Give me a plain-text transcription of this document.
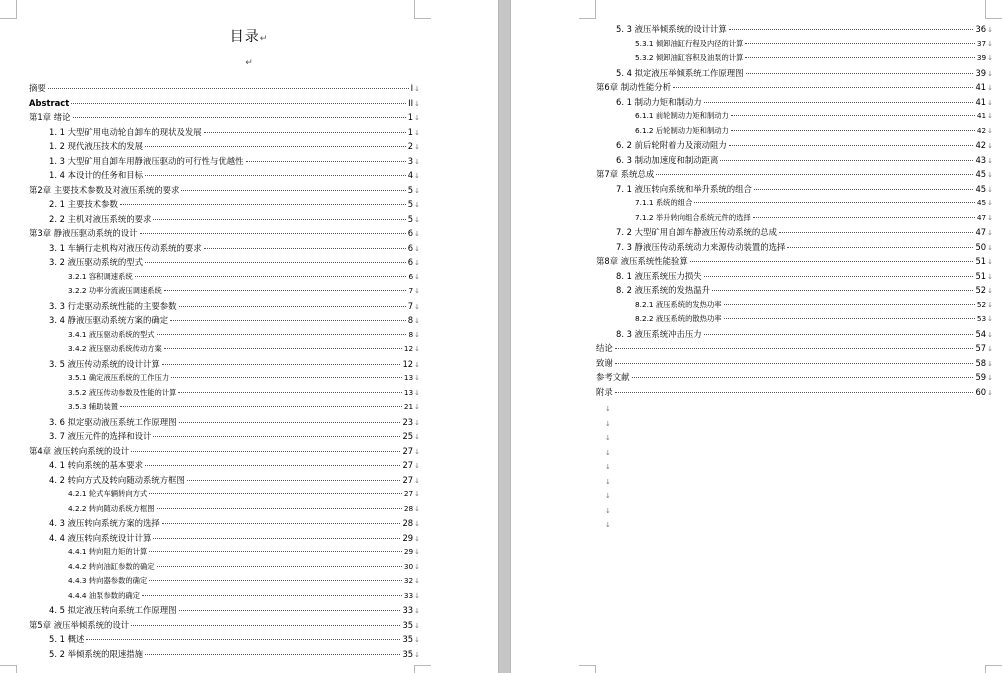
目录↵
↵
摘要	I ↓
Abstract	II ↓
第1章 绪论	1 ↓
1. 1 大型矿用电动轮自卸车的现状及发展	1 ↓
1. 2 现代液压技术的发展	2 ↓
1. 3 大型矿用自卸车用静液压驱动的可行性与优越性	3 ↓
1. 4 本设计的任务和目标	4 ↓
第2章 主要技术参数及对液压系统的要求	5 ↓
2. 1 主要技术参数	5 ↓
2. 2 主机对液压系统的要求	5 ↓
第3章 静液压驱动系统的设计	6 ↓
3. 1 车辆行走机构对液压传动系统的要求	6 ↓
3. 2 液压驱动系统的型式	6 ↓
3.2.1 容积调速系统	6 ↓
3.2.2 功率分流液压调速系统	7 ↓
3. 3 行走驱动系统性能的主要参数	7 ↓
3. 4 静液压驱动系统方案的确定	8 ↓
3.4.1 液压驱动系统的型式	8 ↓
3.4.2 液压驱动系统传动方案	12 ↓
3. 5 液压传动系统的设计计算	12 ↓
3.5.1 确定液压系统的工作压力	13 ↓
3.5.2 液压传动参数及性能的计算	13 ↓
3.5.3 辅助装置	21 ↓
3. 6 拟定驱动液压系统工作原理图	23 ↓
3. 7 液压元件的选择和设计	25 ↓
第4章 液压转向系统的设计	27 ↓
4. 1 转向系统的基本要求	27 ↓
4. 2 转向方式及转向随动系统方框图	27 ↓
4.2.1 轮式车辆转向方式	27 ↓
4.2.2 转向随动系统方框图	28 ↓
4. 3 液压转向系统方案的选择	28 ↓
4. 4 液压转向系统设计计算	29 ↓
4.4.1 转向阻力矩的计算	29 ↓
4.4.2 转向油缸参数的确定	30 ↓
4.4.3 转向器参数的确定	32 ↓
4.4.4 油泵参数的确定	33 ↓
4. 5 拟定液压转向系统工作原理图	33 ↓
第5章 液压举倾系统的设计	35 ↓
5. 1 概述	35 ↓
5. 2 举倾系统的限速措施	35 ↓
5. 3 液压举倾系统的设计计算	36 ↓
5.3.1 倾卸油缸行程及内径的计算	37 ↓
5.3.2 倾卸油缸容积及油泵的计算	39 ↓
5. 4 拟定液压举倾系统工作原理图	39 ↓
第6章 制动性能分析	41 ↓
6. 1 制动力矩和制动力	41 ↓
6.1.1 前轮制动力矩和制动力	41 ↓
6.1.2 后轮制动力矩和制动力	42 ↓
6. 2 前后轮附着力及滚动阻力	42 ↓
6. 3 制动加速度和制动距离	43 ↓
第7章 系统总成	45 ↓
7. 1 液压转向系统和举升系统的组合	45 ↓
7.1.1 系统的组合	45 ↓
7.1.2 举升转向组合系统元件的选择	47 ↓
7. 2 大型矿用自卸车静液压传动系统的总成	47 ↓
7. 3 静液压传动系统动力来源传动装置的选择	50 ↓
第8章 液压系统性能验算	51 ↓
8. 1 液压系统压力损失	51 ↓
8. 2 液压系统的发热温升	52 ↓
8.2.1 液压系统的发热功率	52 ↓
8.2.2 液压系统的散热功率	53 ↓
8. 3 液压系统冲击压力	54 ↓
结论	57 ↓
致谢	58 ↓
参考文献	59 ↓
附录	60 ↓
↓
↓
↓
↓
↓
↓
↓
↓
↓
